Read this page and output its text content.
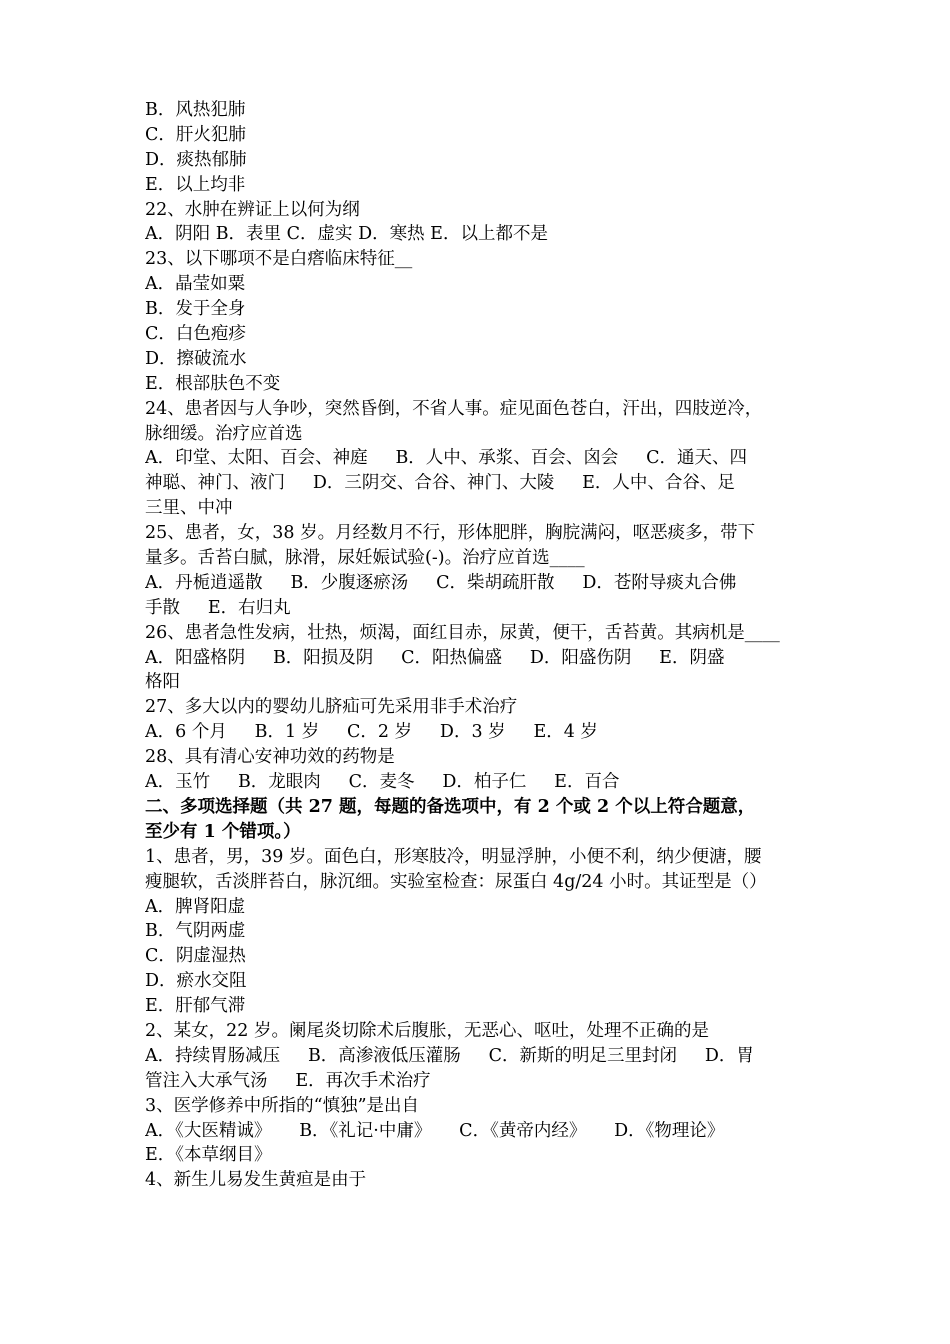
B．风热犯肺
C．肝火犯肺
D．痰热郁肺
E．以上均非
22、水肿在辨证上以何为纲
A．阴阳 B．表里 C．虚实 D．寒热 E．以上都不是
23、以下哪项不是白瘩临床特征__
A．晶莹如粟
B．发于全身
C．白色疱疹
D．擦破流水
E．根部肤色不变
24、患者因与人争吵，突然昏倒，不省人事。症见面色苍白，汗出，四肢逆冷，
脉细缓。治疗应首选
A．印堂、太阳、百会、神庭     B．人中、承浆、百会、囟会     C．通天、四
神聪、神门、液门     D．三阴交、合谷、神门、大陵     E．人中、合谷、足
三里、中冲
25、患者，女，38 岁。月经数月不行，形体肥胖，胸脘满闷，呕恶痰多，带下
量多。舌苔白腻，脉滑，尿妊娠试验(-)。治疗应首选____
A．丹栀逍遥散     B．少腹逐瘀汤     C．柴胡疏肝散     D．苍附导痰丸合佛
手散     E．右归丸
26、患者急性发病，壮热，烦渴，面红目赤，尿黄，便干，舌苔黄。其病机是____
A．阳盛格阴     B．阳损及阴     C．阳热偏盛     D．阳盛伤阴     E．阴盛
格阳
27、多大以内的婴幼儿脐疝可先采用非手术治疗
A．6 个月     B．1 岁     C．2 岁     D．3 岁     E．4 岁
28、具有清心安神功效的药物是
A．玉竹     B．龙眼肉     C．麦冬     D．柏子仁     E．百合
二、多项选择题（共 27 题，每题的备选项中，有 2 个或 2 个以上符合题意，
至少有 1 个错项。）
1、患者，男，39 岁。面色白，形寒肢冷，明显浮肿，小便不利，纳少便溏，腰
瘦腿软，舌淡胖苔白，脉沉细。实验室检查：尿蛋白 4g/24 小时。其证型是（）
A．脾肾阳虚
B．气阴两虚
C．阴虚湿热
D．瘀水交阻
E．肝郁气滞
2、某女，22 岁。阑尾炎切除术后腹胀，无恶心、呕吐，处理不正确的是
A．持续胃肠减压     B．高渗液低压灌肠     C．新斯的明足三里封闭     D．胃
管注入大承气汤     E．再次手术治疗
3、医学修养中所指的“慎独”是出自
A．《大医精诚》     B．《礼记·中庸》     C．《黄帝内经》     D．《物理论》
E．《本草纲目》
4、新生儿易发生黄疸是由于
